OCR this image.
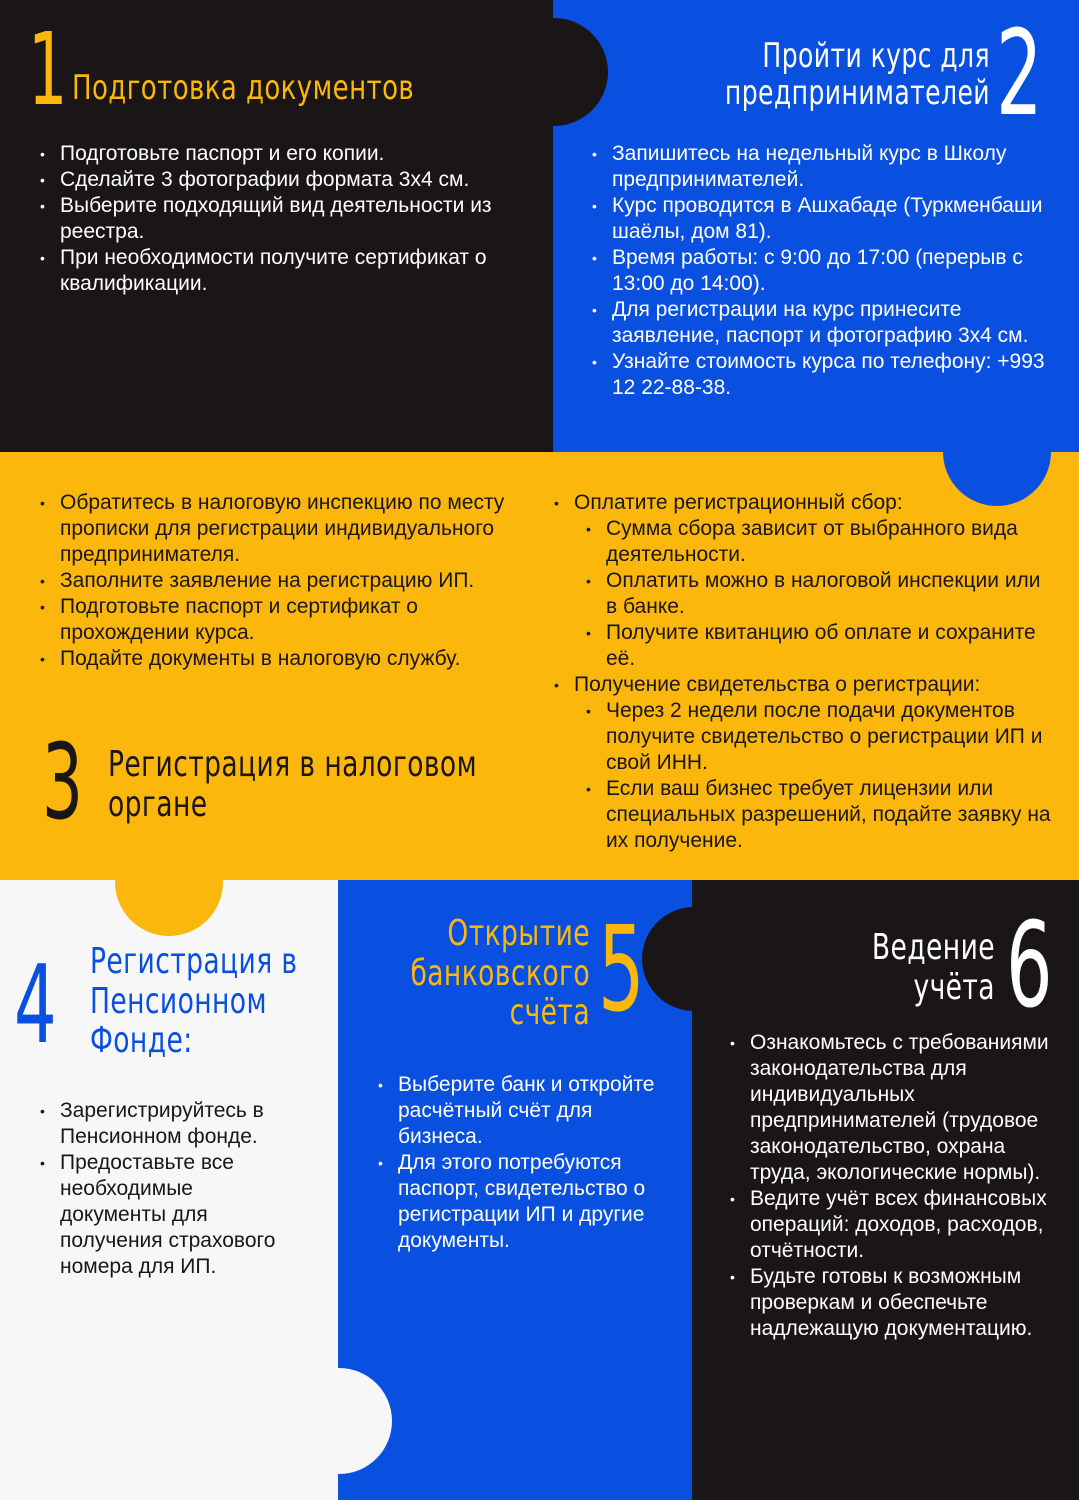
1 Подготовка документов
• Подготовьте паспорт и его копии.
• Сделайте 3 фотографии формата 3х4 см.
• Выберите подходящий вид деятельности из реестра.
• При необходимости получите сертификат о квалификации.
Пройти курс для
предпринимателей 2
• Запишитесь на недельный курс в Школу предпринимателей.
• Курс проводится в Ашхабаде (Туркменбаши шаёлы, дом 81).
• Время работы: с 9:00 до 17:00 (перерыв с 13:00 до 14:00).
• Для регистрации на курс принесите заявление, паспорт и фотографию 3х4 см.
• Узнайте стоимость курса по телефону: +993 12 22-88-38.
• Обратитесь в налоговую инспекцию по месту прописки для регистрации индивидуального предпринимателя.
• Заполните заявление на регистрацию ИП.
• Подготовьте паспорт и сертификат о прохождении курса.
• Подайте документы в налоговую службу.
• Оплатите регистрационный сбор:
• Сумма сбора зависит от выбранного вида деятельности.
• Оплатить можно в налоговой инспекции или в банке.
• Получите квитанцию об оплате и сохраните её.
• Получение свидетельства о регистрации:
• Через 2 недели после подачи документов получите свидетельство о регистрации ИП и свой ИНН.
• Если ваш бизнес требует лицензии или специальных разрешений, подайте заявку на их получение.
3 Регистрация в налоговом
органе
4 Регистрация в
Пенсионном
Фонде:
• Зарегистрируйтесь в Пенсионном фонде.
• Предоставьте все необходимые документы для получения страхового номера для ИП.
Открытие
банковского
счёта 5
• Выберите банк и откройте расчётный счёт для бизнеса.
• Для этого потребуются паспорт, свидетельство о регистрации ИП и другие документы.
Ведение
учёта 6
• Ознакомьтесь с требованиями законодательства для индивидуальных предпринимателей (трудовое законодательство, охрана труда, экологические нормы).
• Ведите учёт всех финансовых операций: доходов, расходов, отчётности.
• Будьте готовы к возможным проверкам и обеспечьте надлежащую документацию.
